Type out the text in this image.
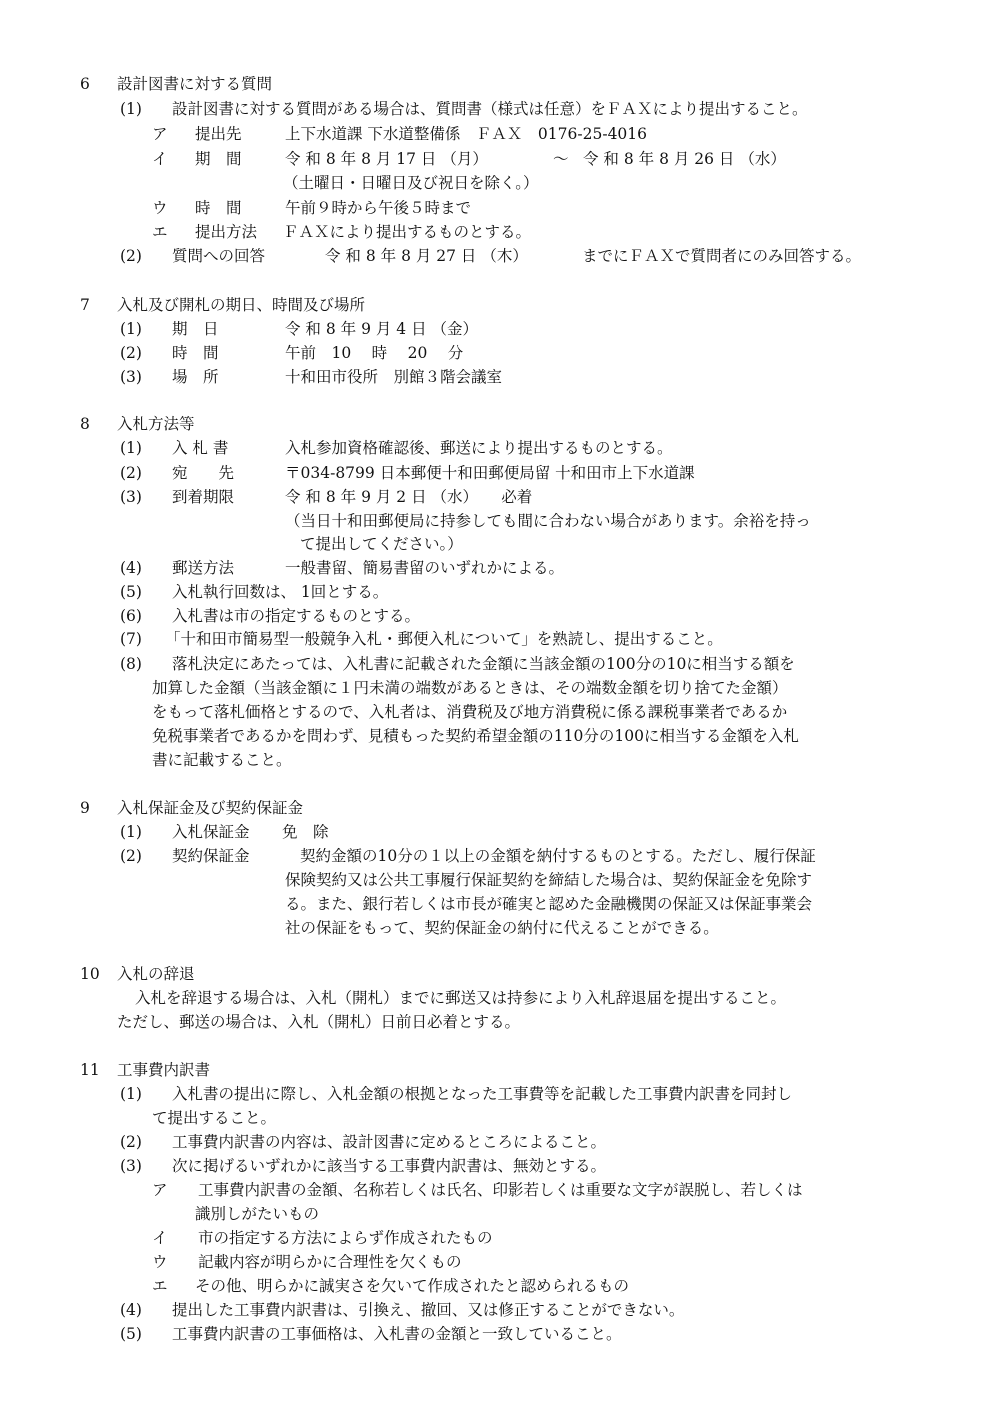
6 設計図書に対する質問
(1) 設計図書に対する質問がある場合は、質問書（様式は任意）をＦＡＸにより提出すること。
ア 提出先	上下水道課 下水道整備係　ＦＡＸ　0176-25-4016
イ 期　間	令 和 8 年 8 月 17 日 （月）	～ 令 和 8 年 8 月 26 日 （水）
（土曜日・日曜日及び祝日を除く。）
ウ 時　間	午前９時から午後５時まで
エ 提出方法 ＦＡＸにより提出するものとする。
(2) 質問への回答	令 和 8 年 8 月 27 日 （木）	までにＦＡＸで質問者にのみ回答する。
7 入札及び開札の期日、時間及び場所
(1) 期　日	令 和 8 年 9 月 4 日 （金）
(2) 時　間	午前　10　 時　 20　 分
(3) 場　所	十和田市役所　別館３階会議室
8 入札方法等
(1) 入 札 書	入札参加資格確認後、郵送により提出するものとする。
(2) 宛　　先	〒034-8799 日本郵便十和田郵便局留 十和田市上下水道課
(3) 到着期限	令 和 8 年 9 月 2 日 （水）　　必着
（当日十和田郵便局に持参しても間に合わない場合があります。余裕を持っ
て提出してください。）
(4) 郵送方法	一般書留、簡易書留のいずれかによる。
(5) 入札執行回数は、 1回とする。
(6) 入札書は市の指定するものとする。
(7) 「十和田市簡易型一般競争入札・郵便入札について」を熟読し、提出すること。
(8) 落札決定にあたっては、入札書に記載された金額に当該金額の100分の10に相当する額を
加算した金額（当該金額に１円未満の端数があるときは、その端数金額を切り捨てた金額）
をもって落札価格とするので、入札者は、消費税及び地方消費税に係る課税事業者であるか
免税事業者であるかを問わず、見積もった契約希望金額の110分の100に相当する金額を入札
書に記載すること。
9 入札保証金及び契約保証金
(1) 入札保証金 免　除
(2) 契約保証金	契約金額の10分の１以上の金額を納付するものとする。ただし、履行保証
保険契約又は公共工事履行保証契約を締結した場合は、契約保証金を免除す
る。また、銀行若しくは市長が確実と認めた金融機関の保証又は保証事業会
社の保証をもって、契約保証金の納付に代えることができる。
10 入札の辞退
入札を辞退する場合は、入札（開札）までに郵送又は持参により入札辞退届を提出すること。
ただし、郵送の場合は、入札（開札）日前日必着とする。
11 工事費内訳書
(1) 入札書の提出に際し、入札金額の根拠となった工事費等を記載した工事費内訳書を同封し
て提出すること。
(2) 工事費内訳書の内容は、設計図書に定めるところによること。
(3) 次に掲げるいずれかに該当する工事費内訳書は、無効とする。
ア 工事費内訳書の金額、名称若しくは氏名、印影若しくは重要な文字が誤脱し、若しくは
識別しがたいもの
イ 市の指定する方法によらず作成されたもの
ウ 記載内容が明らかに合理性を欠くもの
エ その他、明らかに誠実さを欠いて作成されたと認められるもの
(4) 提出した工事費内訳書は、引換え、撤回、又は修正することができない。
(5) 工事費内訳書の工事価格は、入札書の金額と一致していること。
